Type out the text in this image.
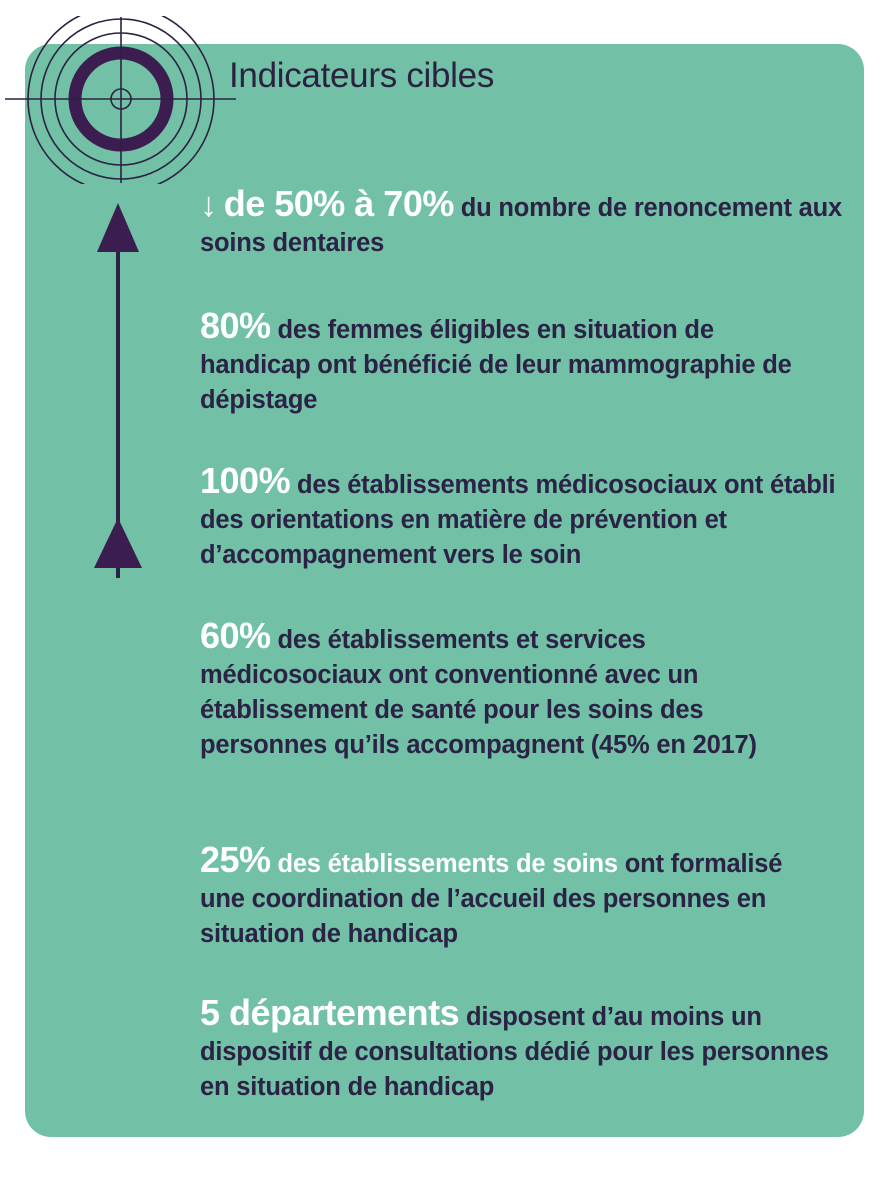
Indicateurs cibles
↓ de 50% à 70% du nombre de renoncement aux soins dentaires
80% des femmes éligibles en situation de handicap ont bénéficié de leur mammographie de dépistage
100% des établissements médicosociaux ont établi des orientations en matière de prévention et d’accompagnement vers le soin
60% des établissements et services médicosociaux ont conventionné avec un établissement de santé pour les soins des personnes qu’ils accompagnent (45% en 2017)
25% des établissements de soins ont formalisé une coordination de l’accueil des personnes en situation de handicap
5 départements disposent d’au moins un dispositif de consultations dédié pour les personnes en situation de handicap
